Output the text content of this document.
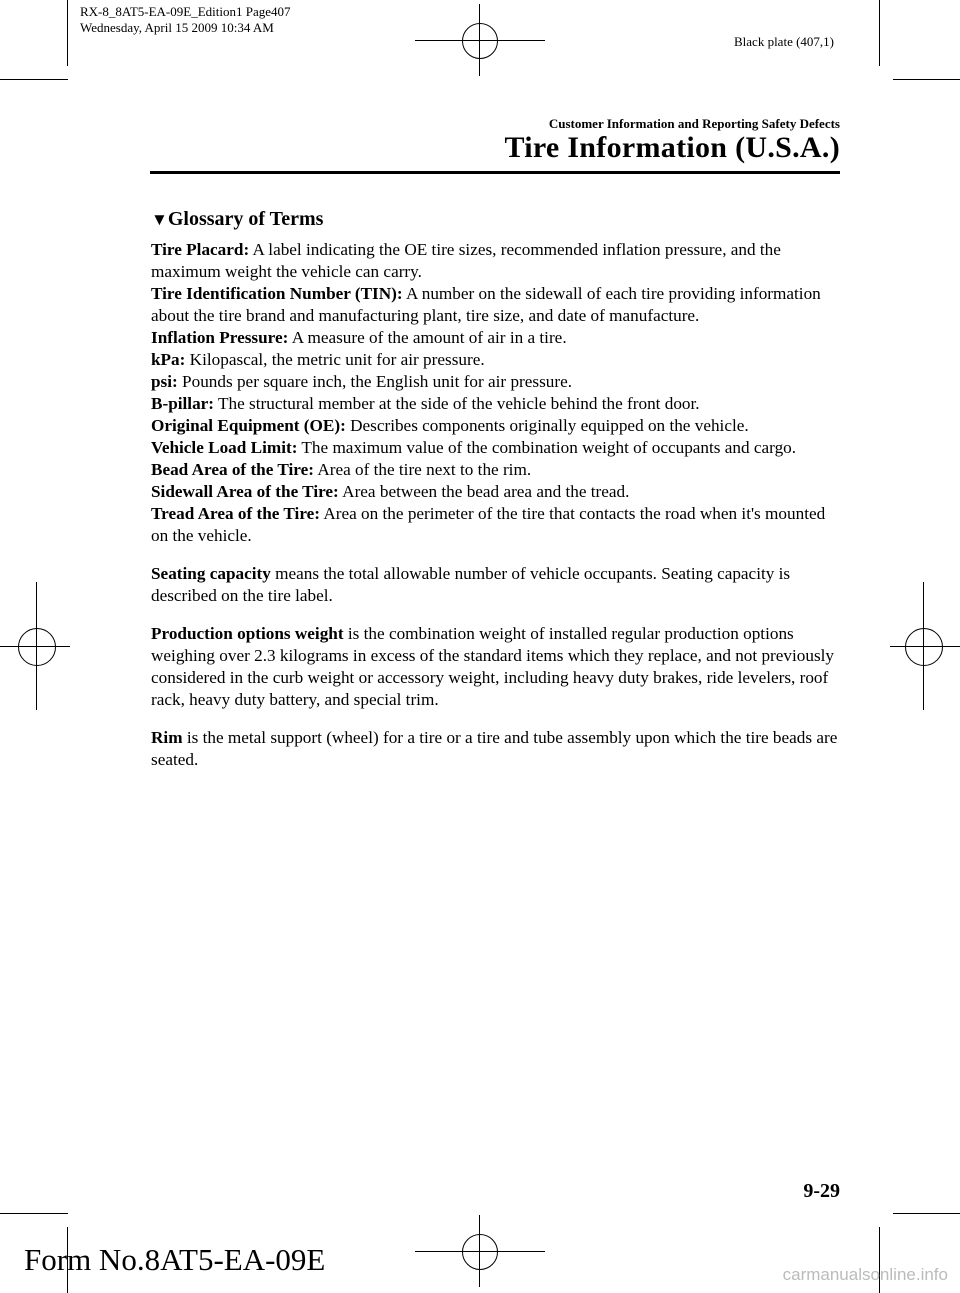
RX-8_8AT5-EA-09E_Edition1 Page407
Wednesday, April 15 2009 10:34 AM
Black plate (407,1)
Customer Information and Reporting Safety Defects
Tire Information (U.S.A.)
▼Glossary of Terms

Tire Placard: A label indicating the OE tire sizes, recommended inflation pressure, and the maximum weight the vehicle can carry.

Tire Identification Number (TIN): A number on the sidewall of each tire providing information about the tire brand and manufacturing plant, tire size, and date of manufacture.

Inflation Pressure: A measure of the amount of air in a tire.

kPa: Kilopascal, the metric unit for air pressure.

psi: Pounds per square inch, the English unit for air pressure.

B-pillar: The structural member at the side of the vehicle behind the front door.

Original Equipment (OE): Describes components originally equipped on the vehicle.

Vehicle Load Limit: The maximum value of the combination weight of occupants and cargo.

Bead Area of the Tire: Area of the tire next to the rim.

Sidewall Area of the Tire: Area between the bead area and the tread.

Tread Area of the Tire: Area on the perimeter of the tire that contacts the road when it's mounted on the vehicle.

Seating capacity means the total allowable number of vehicle occupants. Seating capacity is described on the tire label.

Production options weight is the combination weight of installed regular production options weighing over 2.3 kilograms in excess of the standard items which they replace, and not previously considered in the curb weight or accessory weight, including heavy duty brakes, ride levelers, roof rack, heavy duty battery, and special trim.

Rim is the metal support (wheel) for a tire or a tire and tube assembly upon which the tire beads are seated.

9-29
Form No.8AT5-EA-09E	carmanualsonline.info
